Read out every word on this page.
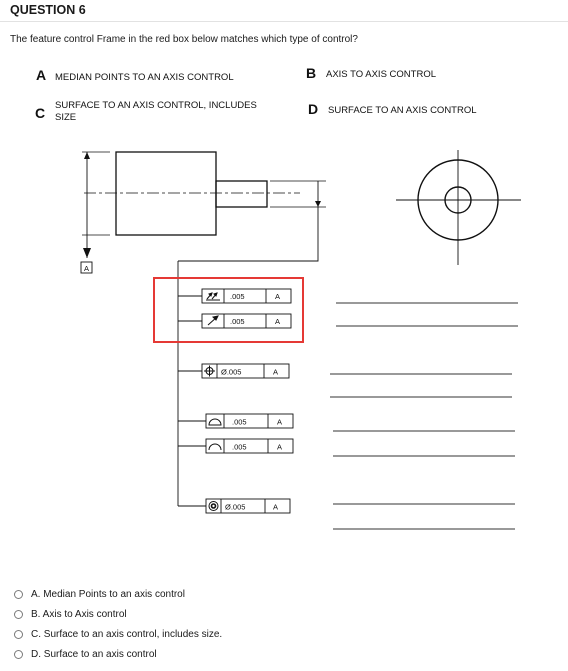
QUESTION 6
The feature control Frame in the red box below matches which type of control?
A MEDIAN POINTS TO AN AXIS CONTROL	B AXIS TO AXIS CONTROL
C SURFACE TO AN AXIS CONTROL, INCLUDES
SIZE
D SURFACE TO AN AXIS CONTROL
A
.005	A
.005	A
Ø.005	A
.005	A
.005	A
Ø.005	A
A. Median Points to an axis control
B. Axis to Axis control
C. Surface to an axis control, includes size.
D. Surface to an axis control
